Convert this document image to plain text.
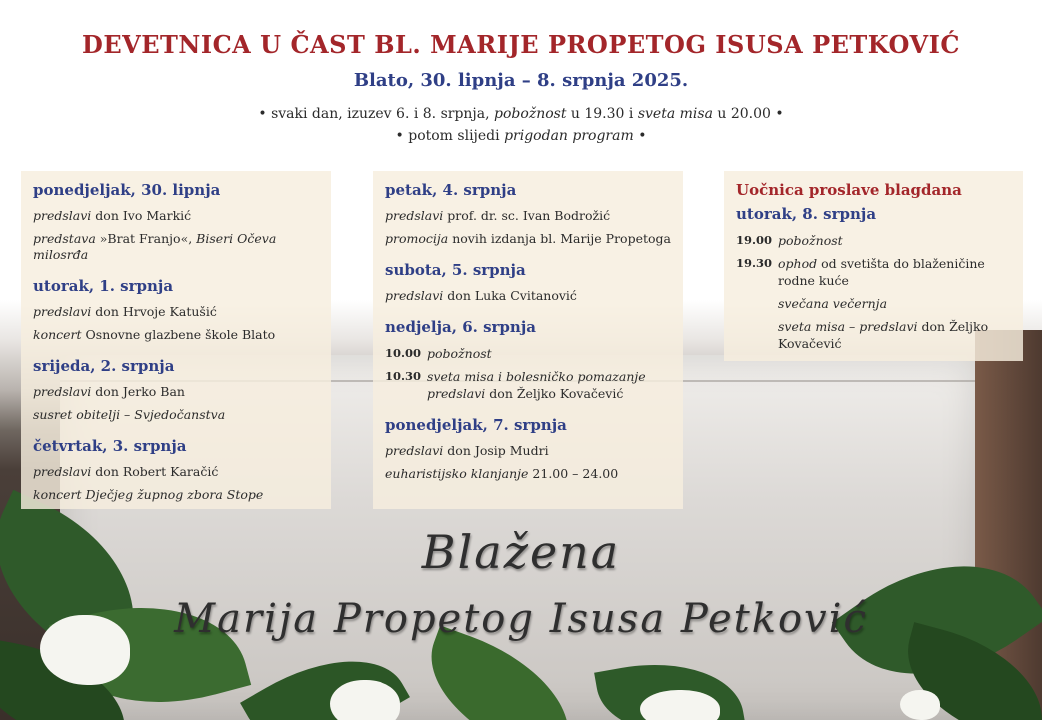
Blažena
Marija Propetog Isusa Petković
DEVETNICA U ČAST BL. MARIJE PROPETOG ISUSA PETKOVIĆ
Blato, 30. lipnja – 8. srpnja 2025.
• svaki dan, izuzev 6. i 8. srpnja, pobožnost u 19.30 i sveta misa u 20.00 •
• potom slijedi prigodan program •
ponedjeljak, 30. lipnja
predslavi don Ivo Markić
predstava »Brat Franjo«, Biseri Očeva milosrđa
utorak, 1. srpnja
predslavi don Hrvoje Katušić
koncert Osnovne glazbene škole Blato
srijeda, 2. srpnja
predslavi don Jerko Ban
susret obitelji – Svjedočanstva
četvrtak, 3. srpnja
predslavi don Robert Karačić
koncert Dječjeg župnog zbora Stope
petak, 4. srpnja
predslavi prof. dr. sc. Ivan Bodrožić
promocija novih izdanja bl. Marije Propetoga
subota, 5. srpnja
predslavi don Luka Cvitanović
nedjelja, 6. srpnja
10.00 pobožnost
10.30 sveta misa i bolesničko pomazanje
predslavi don Željko Kovačević
ponedjeljak, 7. srpnja
predslavi don Josip Mudri
euharistijsko klanjanje 21.00 – 24.00
Uočnica proslave blagdana
utorak, 8. srpnja
19.00 pobožnost
19.30 ophod od svetišta do blaženičine rodne kuće
svečana večernja
sveta misa – predslavi don Željko Kovačević
